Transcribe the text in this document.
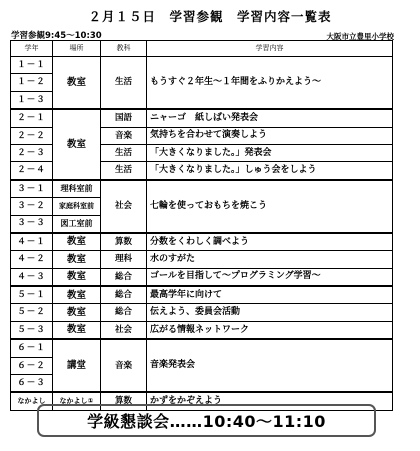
２月１５日　学習参観　学習内容一覧表
学習参観9:45～10:30	大阪市立豊里小学校
学年	場所	教科	学習内容
１－１	教室	生活	もうすぐ２年生～１年間をふりかえよう～
１－２			
１－３			
２－１	教室	国語	ニャーゴ　紙しばい発表会
２－２		音楽	気持ちを合わせて演奏しよう
２－３		生活	「大きくなりました。」発表会
２－４		生活	「大きくなりました。」しゅう会をしよう
３－１	理科室前	社会	七輪を使っておもちを焼こう
３－２	家庭科室前		
３－３	図工室前		
４－１	教室	算数	分数をくわしく調べよう
４－２	教室	理科	水のすがた
４－３	教室	総合	ゴールを目指して～プログラミング学習～
５－１	教室	総合	最高学年に向けて
５－２	教室	総合	伝えよう、委員会活動
５－３	教室	社会	広がる情報ネットワーク
６－１	講堂	音楽	音楽発表会
６－２			
６－３			
なかよし	なかよし①	算数	かずをかぞえよう
学級懇談会……10:40～11:10
